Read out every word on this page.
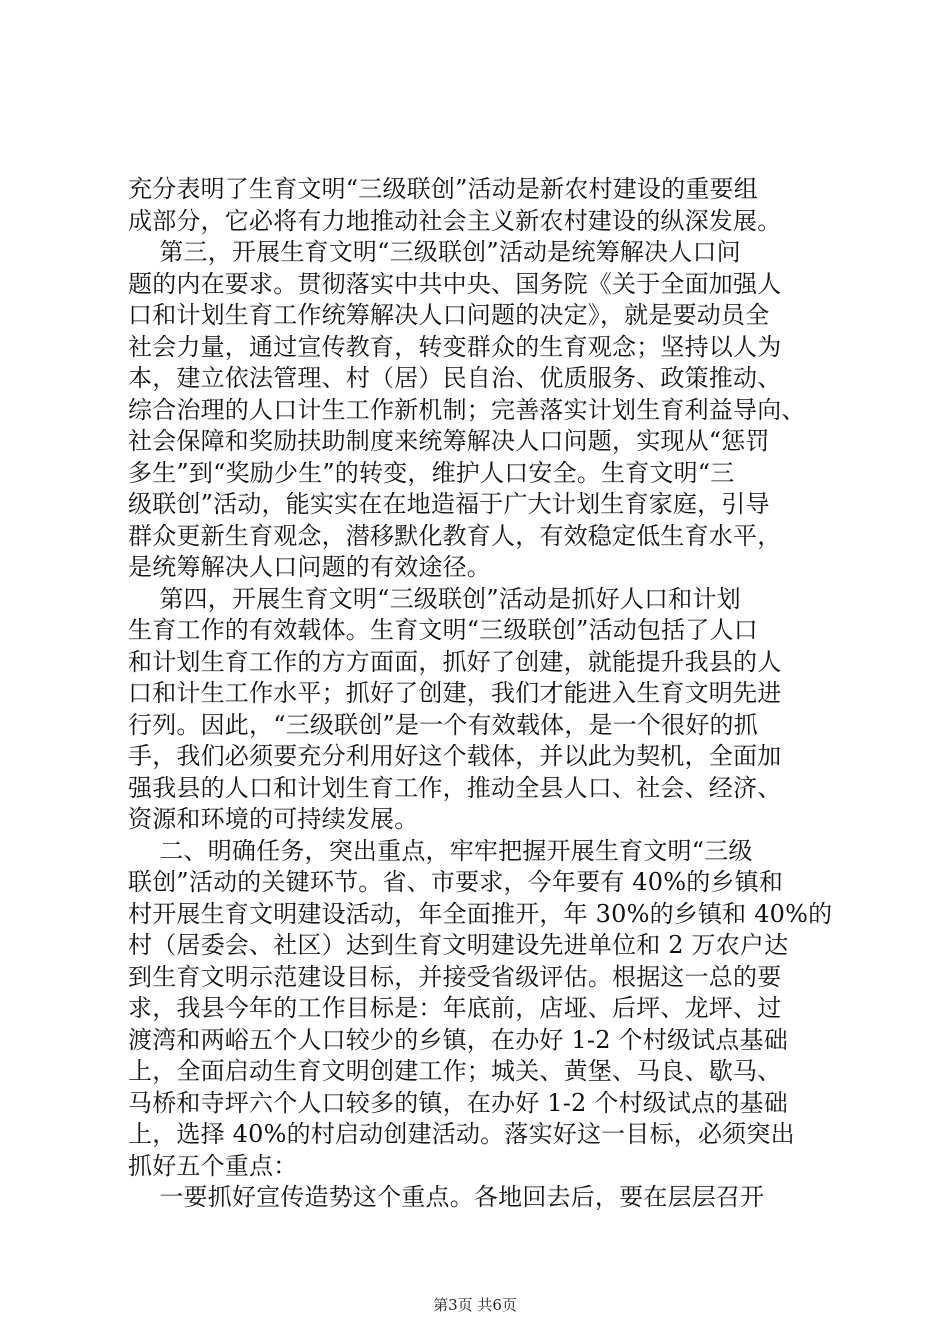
充分表明了生育文明“三级联创”活动是新农村建设的重要组
成部分，它必将有力地推动社会主义新农村建设的纵深发展。
第三，开展生育文明“三级联创”活动是统筹解决人口问
题的内在要求。贯彻落实中共中央、国务院《关于全面加强人
口和计划生育工作统筹解决人口问题的决定》，就是要动员全
社会力量，通过宣传教育，转变群众的生育观念；坚持以人为
本，建立依法管理、村（居）民自治、优质服务、政策推动、
综合治理的人口计生工作新机制；完善落实计划生育利益导向、
社会保障和奖励扶助制度来统筹解决人口问题，实现从“惩罚
多生”到“奖励少生”的转变，维护人口安全。生育文明“三
级联创”活动，能实实在在地造福于广大计划生育家庭，引导
群众更新生育观念，潜移默化教育人，有效稳定低生育水平，
是统筹解决人口问题的有效途径。
第四，开展生育文明“三级联创”活动是抓好人口和计划
生育工作的有效载体。生育文明“三级联创”活动包括了人口
和计划生育工作的方方面面，抓好了创建，就能提升我县的人
口和计生工作水平；抓好了创建，我们才能进入生育文明先进
行列。因此，“三级联创”是一个有效载体，是一个很好的抓
手，我们必须要充分利用好这个载体，并以此为契机，全面加
强我县的人口和计划生育工作，推动全县人口、社会、经济、
资源和环境的可持续发展。
二、明确任务，突出重点，牢牢把握开展生育文明“三级
联创”活动的关键环节。省、市要求，今年要有 40%的乡镇和
村开展生育文明建设活动，年全面推开，年 30%的乡镇和 40%的
村（居委会、社区）达到生育文明建设先进单位和 2 万农户达
到生育文明示范建设目标，并接受省级评估。根据这一总的要
求，我县今年的工作目标是：年底前，店垭、后坪、龙坪、过
渡湾和两峪五个人口较少的乡镇，在办好 1-2 个村级试点基础
上，全面启动生育文明创建工作；城关、黄堡、马良、歇马、
马桥和寺坪六个人口较多的镇，在办好 1-2 个村级试点的基础
上，选择 40%的村启动创建活动。落实好这一目标，必须突出
抓好五个重点：
一要抓好宣传造势这个重点。各地回去后，要在层层召开
第3页 共6页
